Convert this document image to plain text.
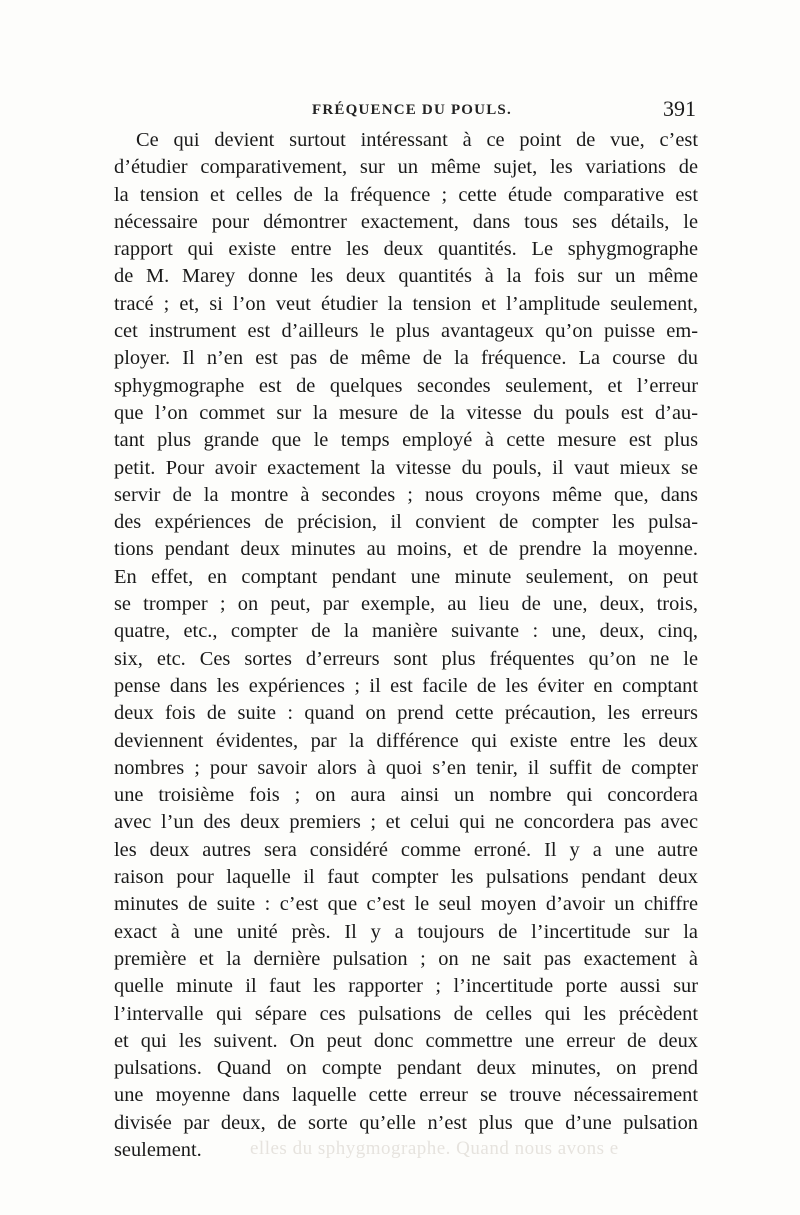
FRÉQUENCE DU POULS.	391
Ce qui devient surtout intéressant à ce point de vue, c’est
d’étudier comparativement, sur un même sujet, les variations de
la tension et celles de la fréquence ; cette étude comparative est
nécessaire pour démontrer exactement, dans tous ses détails, le
rapport qui existe entre les deux quantités. Le sphygmographe
de M. Marey donne les deux quantités à la fois sur un même
tracé ; et, si l’on veut étudier la tension et l’amplitude seulement,
cet instrument est d’ailleurs le plus avantageux qu’on puisse em-
ployer. Il n’en est pas de même de la fréquence. La course du
sphygmographe est de quelques secondes seulement, et l’erreur
que l’on commet sur la mesure de la vitesse du pouls est d’au-
tant plus grande que le temps employé à cette mesure est plus
petit. Pour avoir exactement la vitesse du pouls, il vaut mieux se
servir de la montre à secondes ; nous croyons même que, dans
des expériences de précision, il convient de compter les pulsa-
tions pendant deux minutes au moins, et de prendre la moyenne.
En effet, en comptant pendant une minute seulement, on peut
se tromper ; on peut, par exemple, au lieu de une, deux, trois,
quatre, etc., compter de la manière suivante : une, deux, cinq,
six, etc. Ces sortes d’erreurs sont plus fréquentes qu’on ne le
pense dans les expériences ; il est facile de les éviter en comptant
deux fois de suite : quand on prend cette précaution, les erreurs
deviennent évidentes, par la différence qui existe entre les deux
nombres ; pour savoir alors à quoi s’en tenir, il suffit de compter
une troisième fois ; on aura ainsi un nombre qui concordera
avec l’un des deux premiers ; et celui qui ne concordera pas avec
les deux autres sera considéré comme erroné. Il y a une autre
raison pour laquelle il faut compter les pulsations pendant deux
minutes de suite : c’est que c’est le seul moyen d’avoir un chiffre
exact à une unité près. Il y a toujours de l’incertitude sur la
première et la dernière pulsation ; on ne sait pas exactement à
quelle minute il faut les rapporter ; l’incertitude porte aussi sur
l’intervalle qui sépare ces pulsations de celles qui les précèdent
et qui les suivent. On peut donc commettre une erreur de deux
pulsations. Quand on compte pendant deux minutes, on prend
une moyenne dans laquelle cette erreur se trouve nécessairement
divisée par deux, de sorte qu’elle n’est plus que d’une pulsation
seulement.	elles du sphygmographe. Quand nous avons e
